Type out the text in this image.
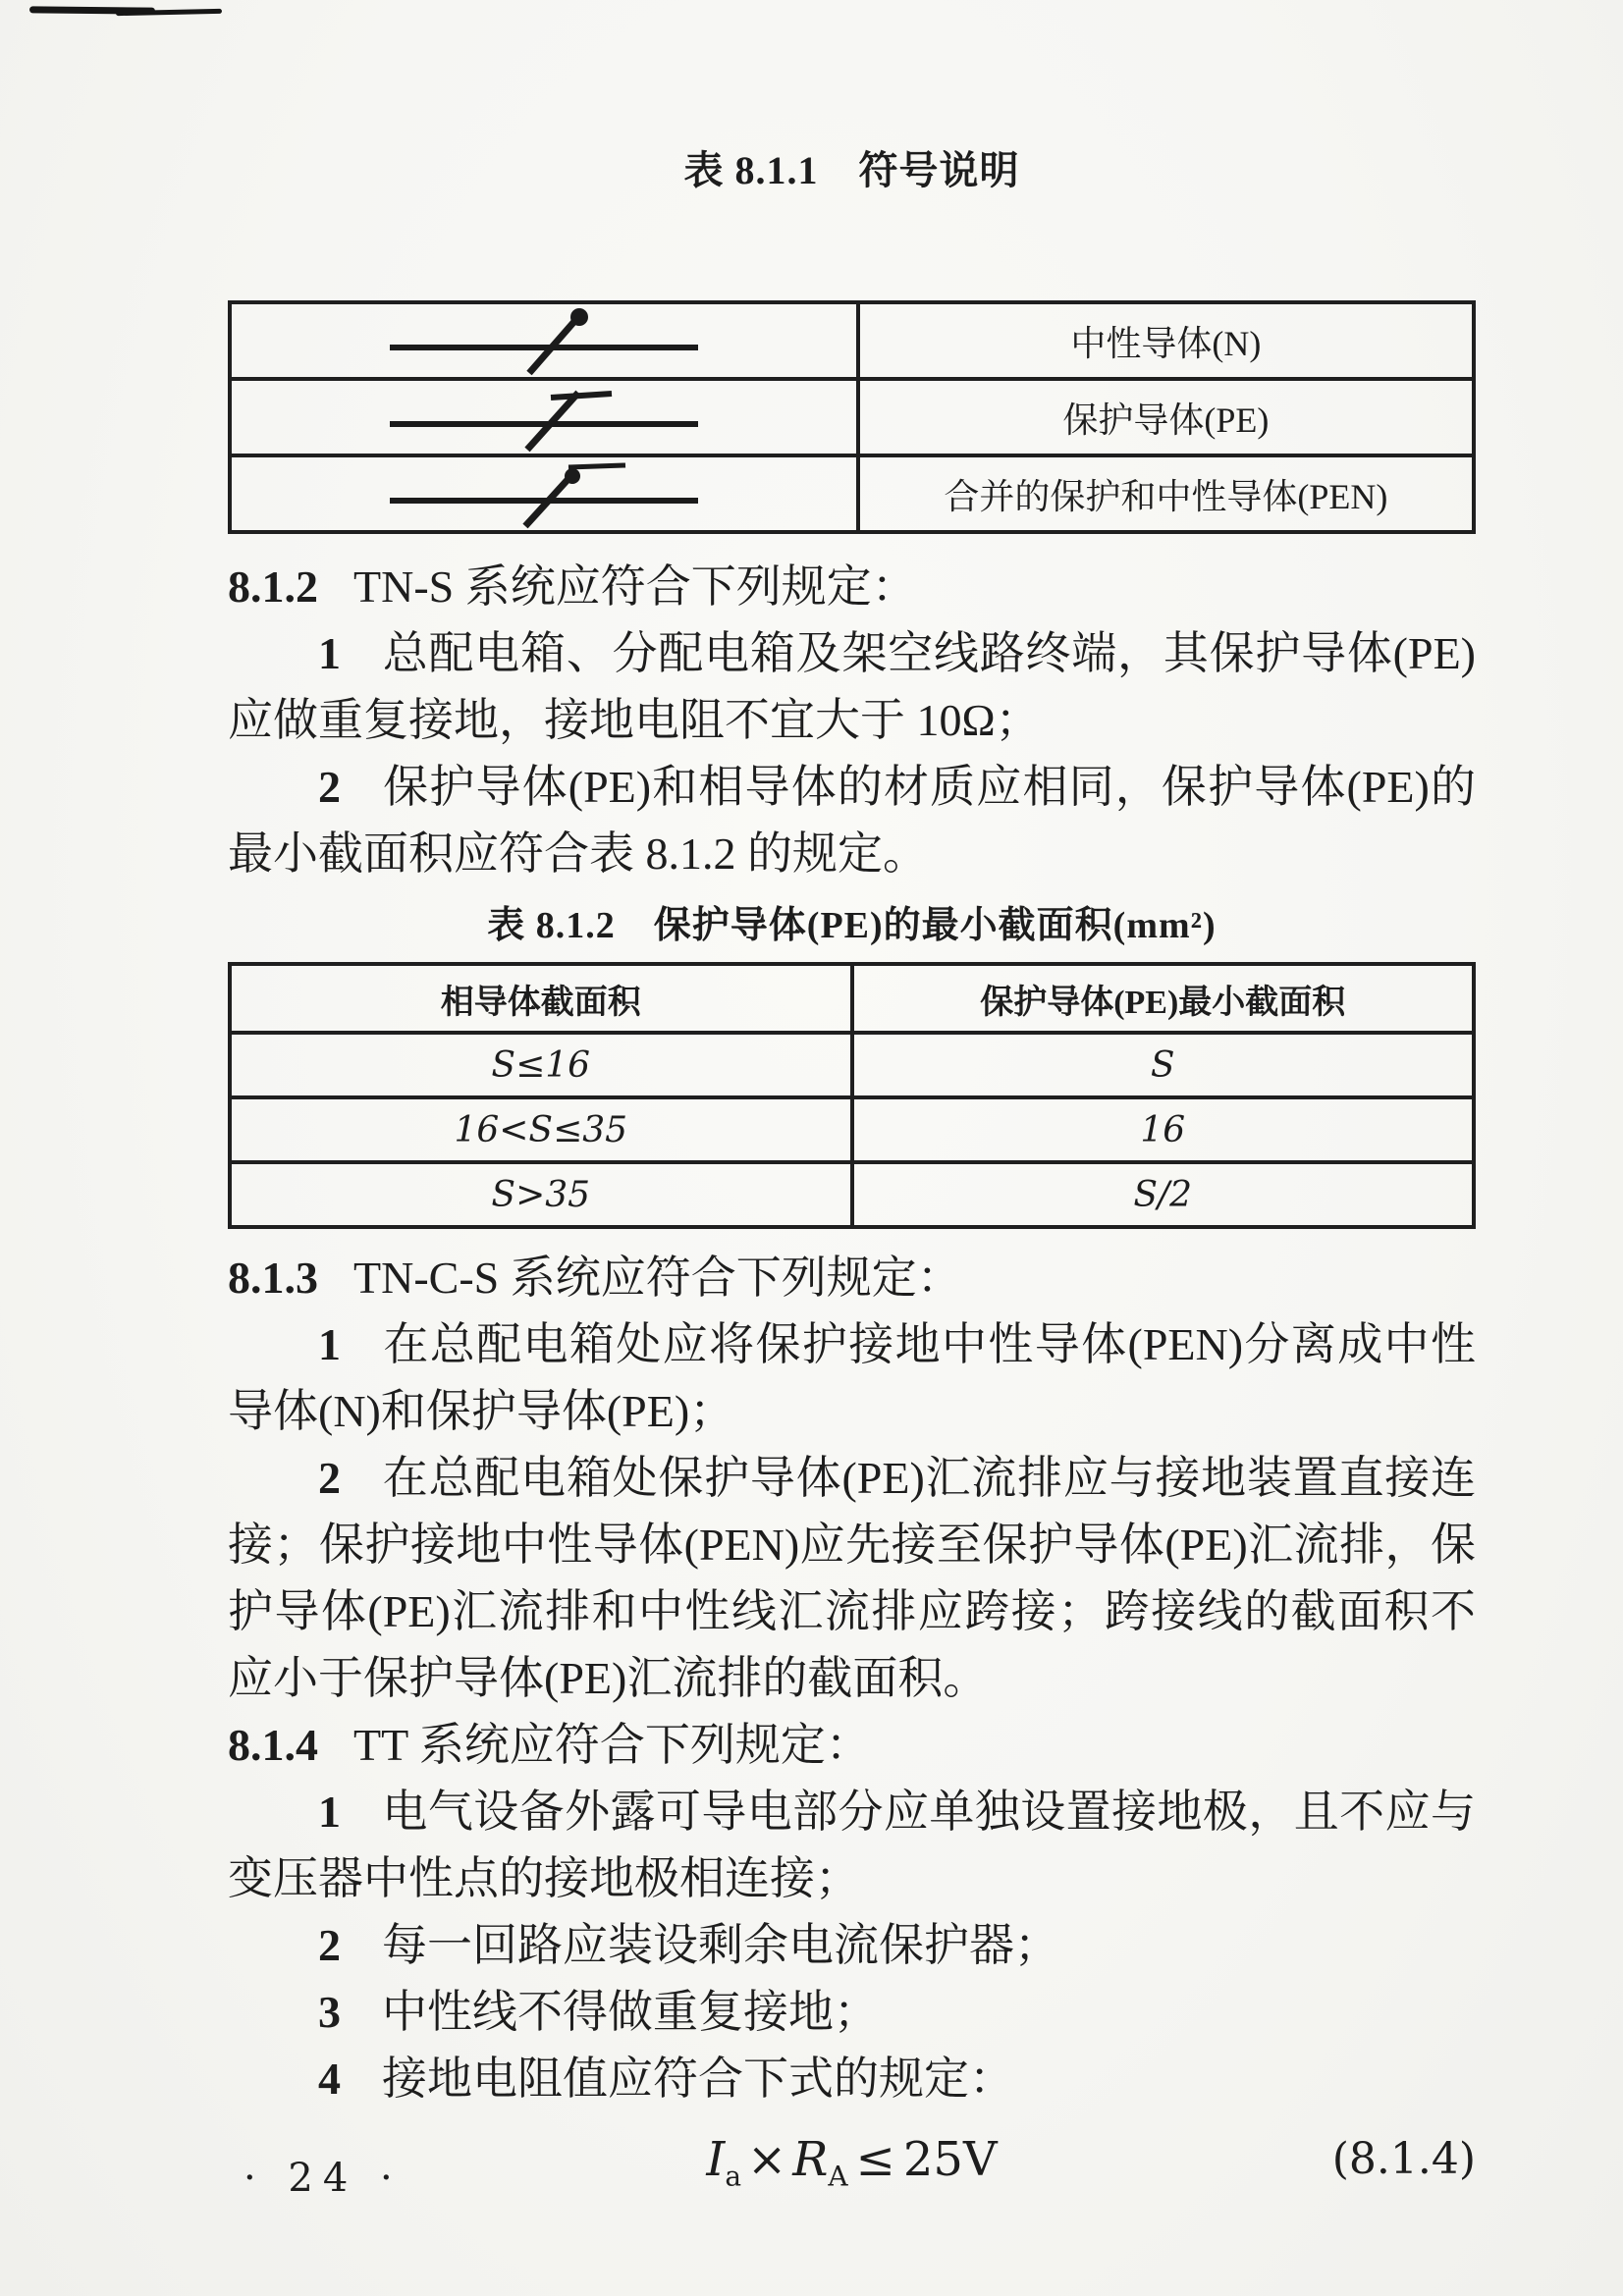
表 8.1.1　符号说明
	中性导体(N)

	保护导体(PE)

	合并的保护和中性导体(PEN)

8.1.2 TN-S 系统应符合下列规定：

1 总配电箱、分配电箱及架空线路终端，其保护导体(PE)应做重复接地，接地电阻不宜大于 10Ω；

2 保护导体(PE)和相导体的材质应相同，保护导体(PE)的最小截面积应符合表 8.1.2 的规定。

表 8.1.2　保护导体(PE)的最小截面积(mm²)
相导体截面积	保护导体(PE)最小截面积
S≤16	S
16<S≤35	16
S>35	S/2

8.1.3 TN-C-S 系统应符合下列规定：

1 在总配电箱处应将保护接地中性导体(PEN)分离成中性导体(N)和保护导体(PE)；

2 在总配电箱处保护导体(PE)汇流排应与接地装置直接连接；保护接地中性导体(PEN)应先接至保护导体(PE)汇流排，保护导体(PE)汇流排和中性线汇流排应跨接；跨接线的截面积不应小于保护导体(PE)汇流排的截面积。

8.1.4 TT 系统应符合下列规定：

1 电气设备外露可导电部分应单独设置接地极，且不应与变压器中性点的接地极相连接；

2 每一回路应装设剩余电流保护器；

3 中性线不得做重复接地；

4 接地电阻值应符合下式的规定：

$I_a \times R_A \le 25V$	(8.1.4)
· 24 ·
